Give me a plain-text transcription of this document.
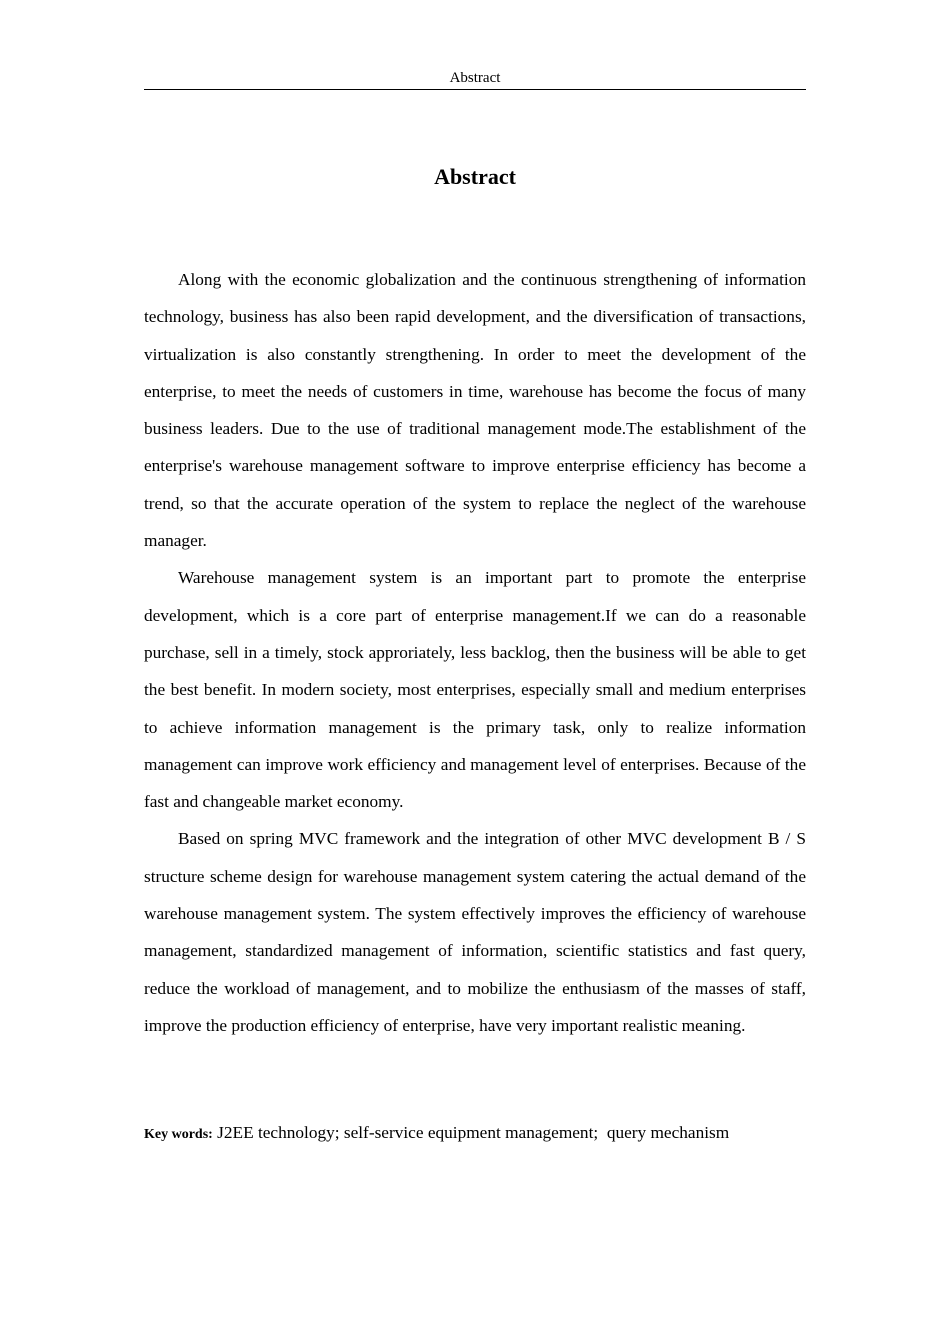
Abstract
Abstract

Along with the economic globalization and the continuous strengthening of information technology, business has also been rapid development, and the diversification of transactions, virtualization is also constantly strengthening. In order to meet the development of the enterprise, to meet the needs of customers in time, warehouse has become the focus of many business leaders. Due to the use of traditional management mode.The establishment of the enterprise's warehouse management software to improve enterprise efficiency has become a trend, so that the accurate operation of the system to replace the neglect of the warehouse manager.

Warehouse management system is an important part to promote the enterprise development, which is a core part of enterprise management.If we can do a reasonable purchase, sell in a timely, stock approriately, less backlog, then the business will be able to get the best benefit. In modern society, most enterprises, especially small and medium enterprises to achieve information management is the primary task, only to realize information management can improve work efficiency and management level of enterprises. Because of the fast and changeable market economy.

Based on spring MVC framework and the integration of other MVC development B / S structure scheme design for warehouse management system catering the actual demand of the warehouse management system. The system effectively improves the efficiency of warehouse management, standardized management of information, scientific statistics and fast query, reduce the workload of management, and to mobilize the enthusiasm of the masses of staff, improve the production efficiency of enterprise, have very important realistic meaning.

Key words: J2EE technology; self-service equipment management;  query mechanism
